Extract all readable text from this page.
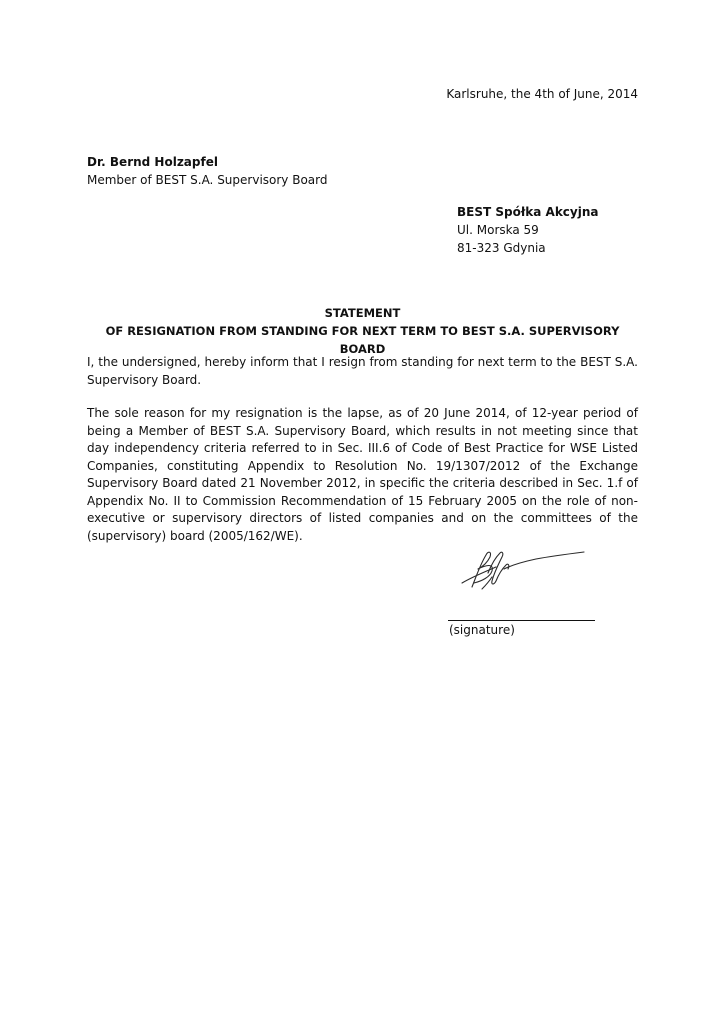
Karlsruhe, the 4th of June, 2014
Dr. Bernd Holzapfel
Member of BEST S.A. Supervisory Board
BEST Spółka Akcyjna
Ul. Morska 59
81-323 Gdynia
STATEMENT
OF RESIGNATION FROM STANDING FOR NEXT TERM TO BEST S.A. SUPERVISORY BOARD

I, the undersigned, hereby inform that I resign from standing for next term to the BEST S.A. Supervisory Board.

The sole reason for my resignation is the lapse, as of 20 June 2014, of 12-year period of being a Member of BEST S.A. Supervisory Board, which results in not meeting since that day independency criteria referred to in Sec. III.6 of Code of Best Practice for WSE Listed Companies, constituting Appendix to Resolution No. 19/1307/2012 of the Exchange Supervisory Board dated 21 November 2012, in specific the criteria described in Sec. 1.f of Appendix No. II to Commission Recommendation of 15 February 2005 on the role of non-executive or supervisory directors of listed companies and on the committees of the (supervisory) board (2005/162/WE).

(signature)
